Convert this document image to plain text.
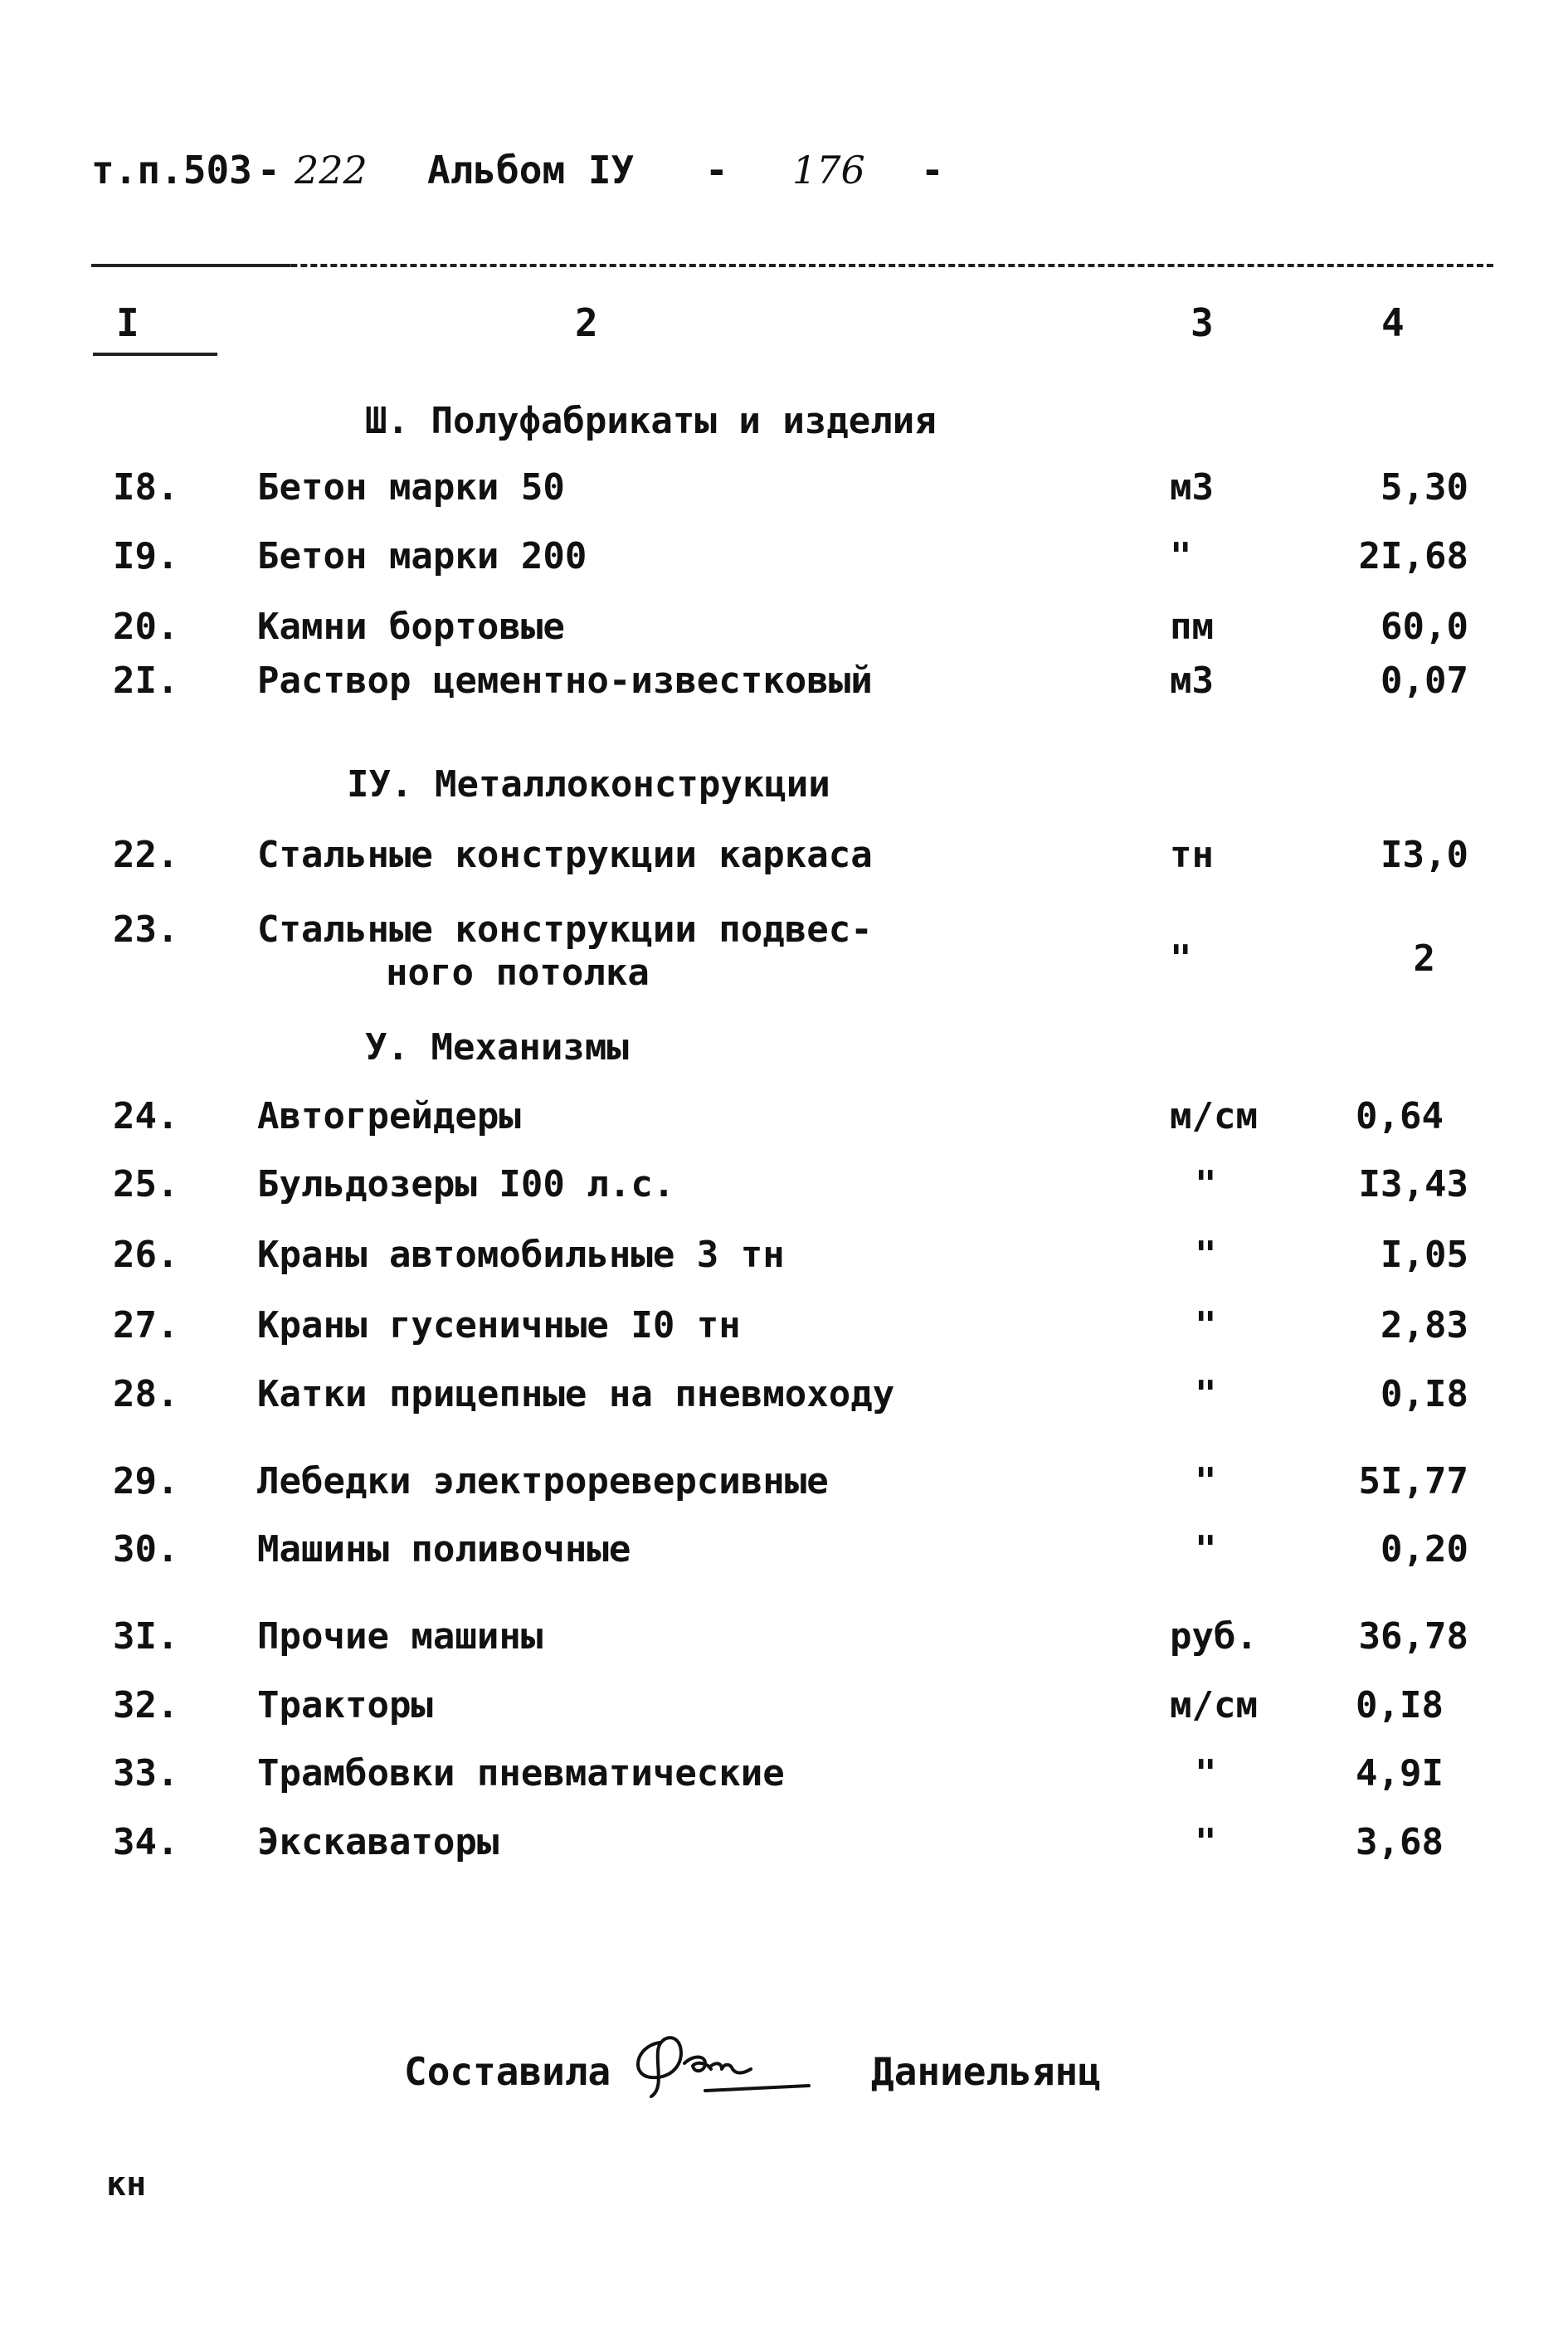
т.п.503 - 222 Альбом IУ - 176 -
I	2	3	4
Ш. Полуфабрикаты и изделия
I8. Бетон марки 50	м3	5,30
I9. Бетон марки 200	"	2I,68
20. Камни бортовые	пм	60,0
2I. Раствор цементно-известковый	м3	0,07
IУ. Металлоконструкции
22. Стальные конструкции каркаса	тн	I3,0
23. Стальные конструкции подвес-
ного потолка	"	2
У. Механизмы
24. Автогрейдеры	м/см	0,64
25. Бульдозеры I00 л.с.	"	I3,43
26. Краны автомобильные 3 тн	"	I,05
27. Краны гусеничные I0 тн	"	2,83
28. Катки прицепные на пневмоходу	"	0,I8
29. Лебедки электрореверсивные	"	5I,77
30. Машины поливочные	"	0,20
3I. Прочие машины	руб.	36,78
32. Тракторы	м/см	0,I8
33. Трамбовки пневматические	"	4,9I
34. Экскаваторы	"	3,68
Составила	Даниельянц
кн
